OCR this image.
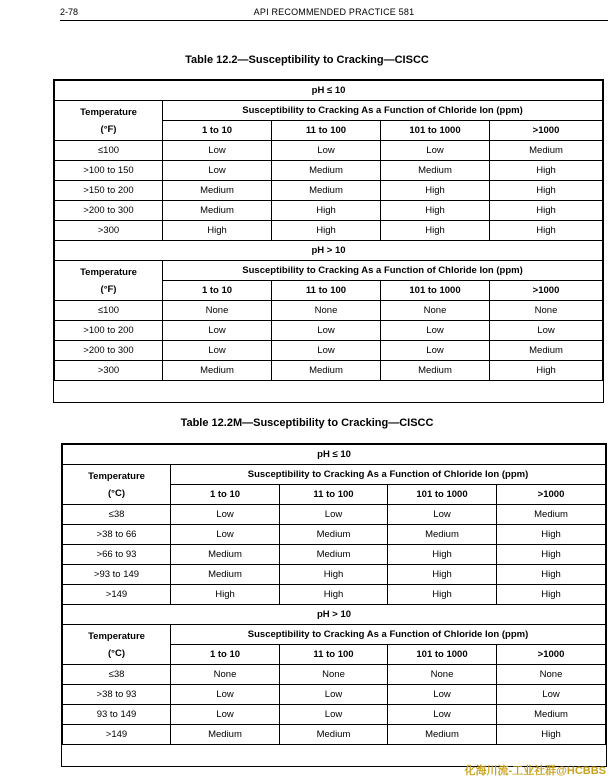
2-78	API RECOMMENDED PRACTICE 581
Table 12.2—Susceptibility to Cracking—CISCC
pH ≤ 10				
Temperature
(°F)	Susceptibility to Cracking As a Function of Chloride Ion (ppm)			
	1 to 10	11 to 100	101 to 1000	>1000
≤100	Low	Low	Low	Medium
>100 to 150	Low	Medium	Medium	High
>150 to 200	Medium	Medium	High	High
>200 to 300	Medium	High	High	High
>300	High	High	High	High
pH > 10				
Temperature
(°F)	Susceptibility to Cracking As a Function of Chloride Ion (ppm)			
	1 to 10	11 to 100	101 to 1000	>1000
≤100	None	None	None	None
>100 to 200	Low	Low	Low	Low
>200 to 300	Low	Low	Low	Medium
>300	Medium	Medium	Medium	High
Table 12.2M—Susceptibility to Cracking—CISCC
pH ≤ 10				
Temperature
(°C)	Susceptibility to Cracking As a Function of Chloride Ion (ppm)			
	1 to 10	11 to 100	101 to 1000	>1000
≤38	Low	Low	Low	Medium
>38 to 66	Low	Medium	Medium	High
>66 to 93	Medium	Medium	High	High
>93 to 149	Medium	High	High	High
>149	High	High	High	High
pH > 10				
Temperature
(°C)	Susceptibility to Cracking As a Function of Chloride Ion (ppm)			
	1 to 10	11 to 100	101 to 1000	>1000
≤38	None	None	None	None
>38 to 93	Low	Low	Low	Low
93 to 149	Low	Low	Low	Medium
>149	Medium	Medium	Medium	High
化海川流-工业社群@HCBBS
